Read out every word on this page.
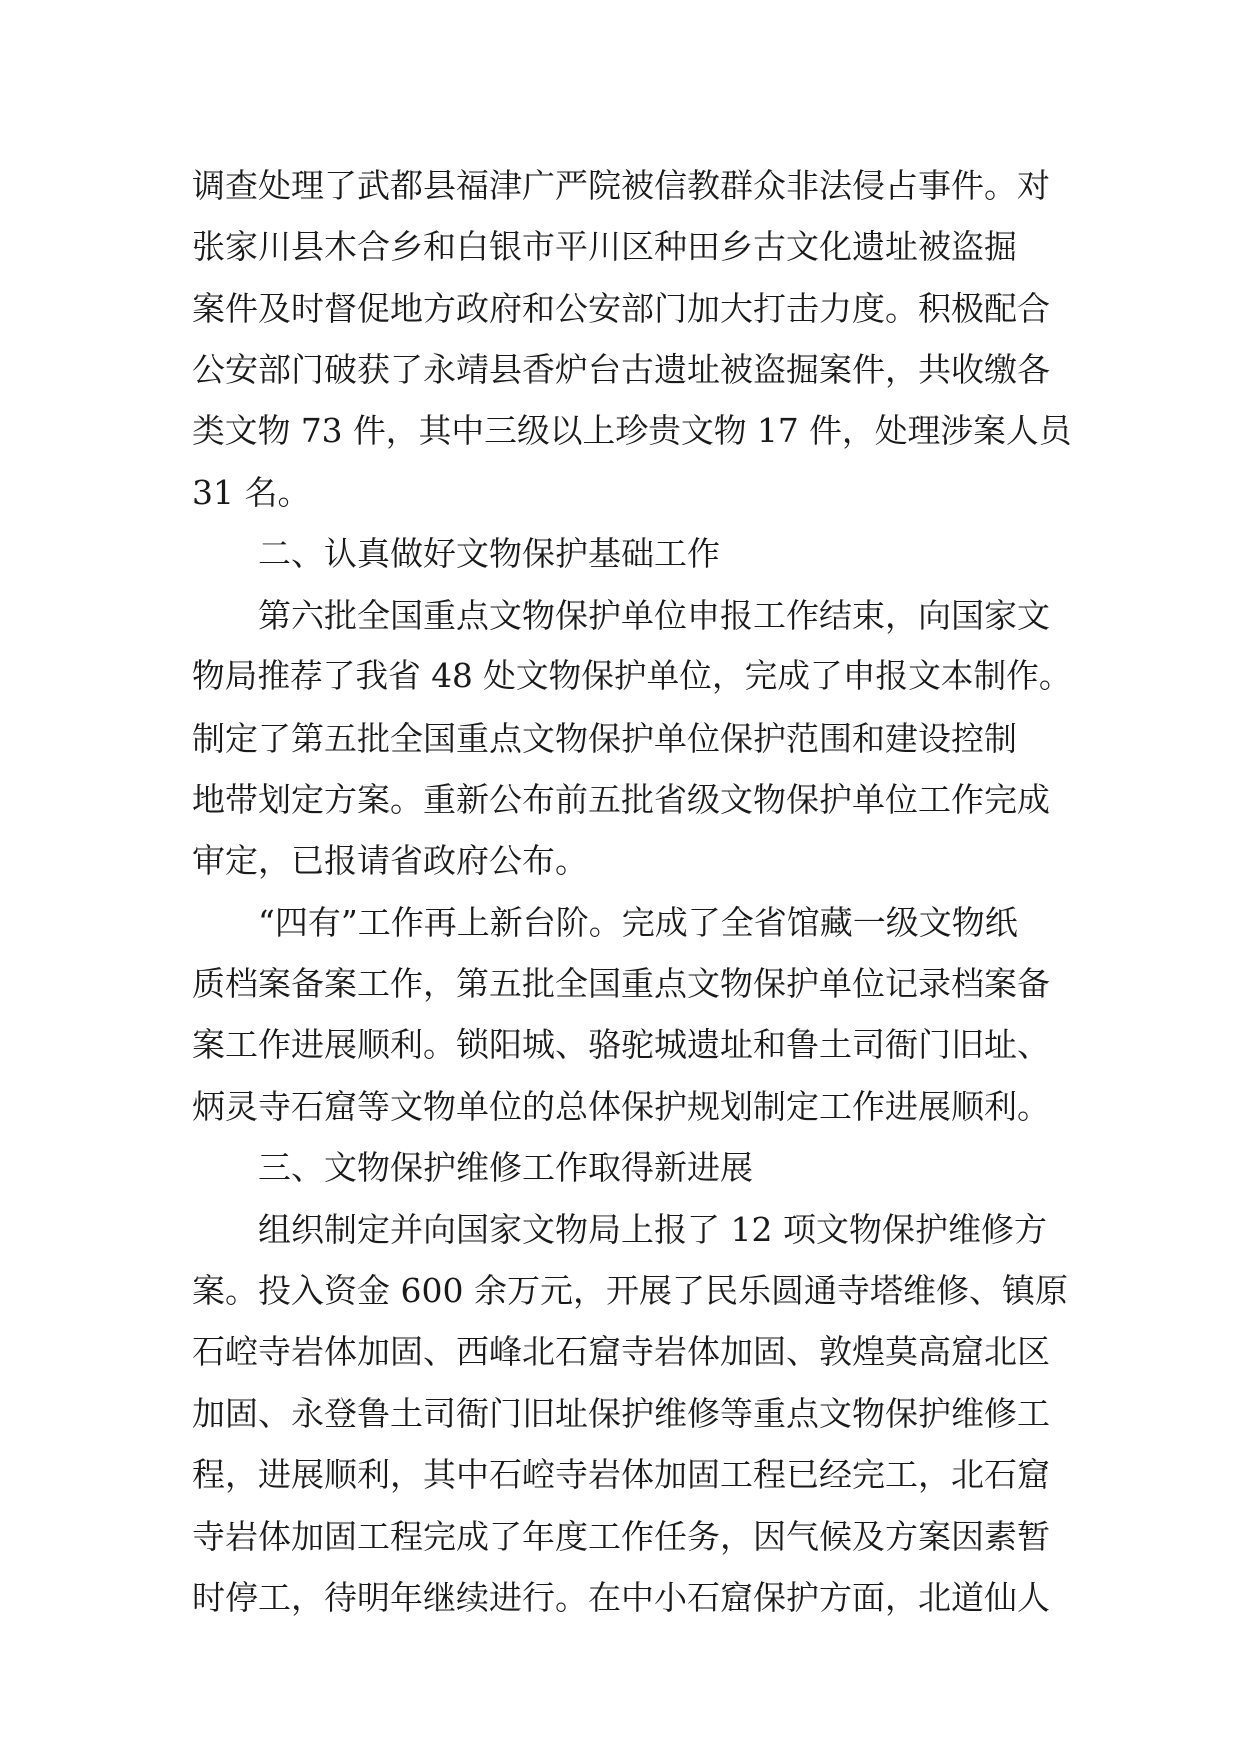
调查处理了武都县福津广严院被信教群众非法侵占事件。对
张家川县木合乡和白银市平川区种田乡古文化遗址被盗掘
案件及时督促地方政府和公安部门加大打击力度。积极配合
公安部门破获了永靖县香炉台古遗址被盗掘案件，共收缴各
类文物 73 件，其中三级以上珍贵文物 17 件，处理涉案人员
31 名。
二、认真做好文物保护基础工作
第六批全国重点文物保护单位申报工作结束，向国家文
物局推荐了我省 48 处文物保护单位，完成了申报文本制作。
制定了第五批全国重点文物保护单位保护范围和建设控制
地带划定方案。重新公布前五批省级文物保护单位工作完成
审定，已报请省政府公布。
“四有”工作再上新台阶。完成了全省馆藏一级文物纸
质档案备案工作，第五批全国重点文物保护单位记录档案备
案工作进展顺利。锁阳城、骆驼城遗址和鲁土司衙门旧址、
炳灵寺石窟等文物单位的总体保护规划制定工作进展顺利。
三、文物保护维修工作取得新进展
组织制定并向国家文物局上报了 12 项文物保护维修方
案。投入资金 600 余万元，开展了民乐圆通寺塔维修、镇原
石崆寺岩体加固、西峰北石窟寺岩体加固、敦煌莫高窟北区
加固、永登鲁土司衙门旧址保护维修等重点文物保护维修工
程，进展顺利，其中石崆寺岩体加固工程已经完工，北石窟
寺岩体加固工程完成了年度工作任务，因气候及方案因素暂
时停工，待明年继续进行。在中小石窟保护方面，北道仙人
